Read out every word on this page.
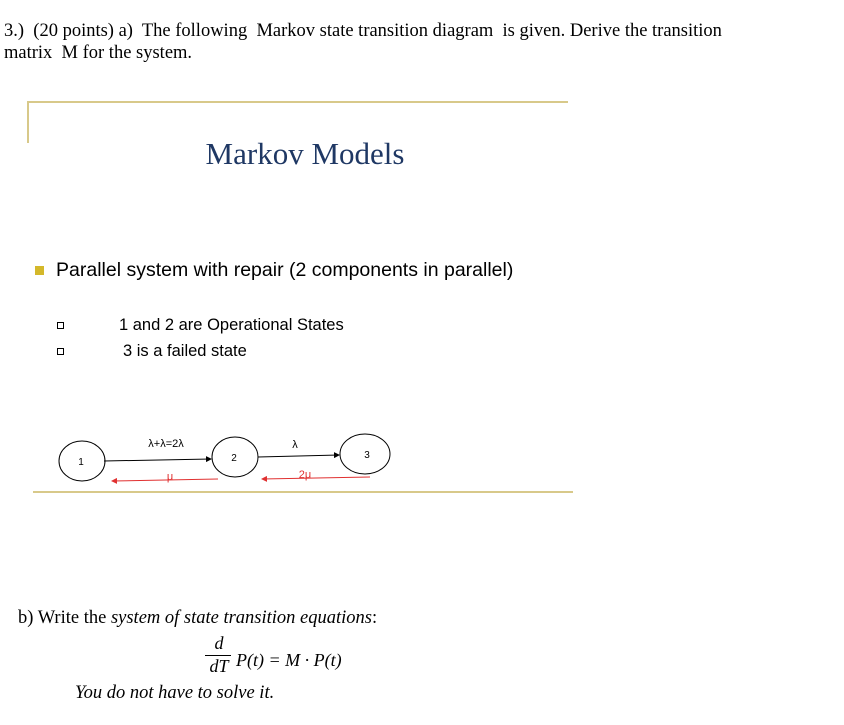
3.)  (20 points) a)  The following  Markov state transition diagram  is given. Derive the transition
matrix  M for the system.
Markov Models
Parallel system with repair (2 components in parallel)
1 and 2 are Operational States
3 is a failed state
1	2	3
λ+λ=2λ	λ
μ	2μ
b) Write the system of state transition equations:
d
dT P(t) = M · P(t)
You do not have to solve it.
